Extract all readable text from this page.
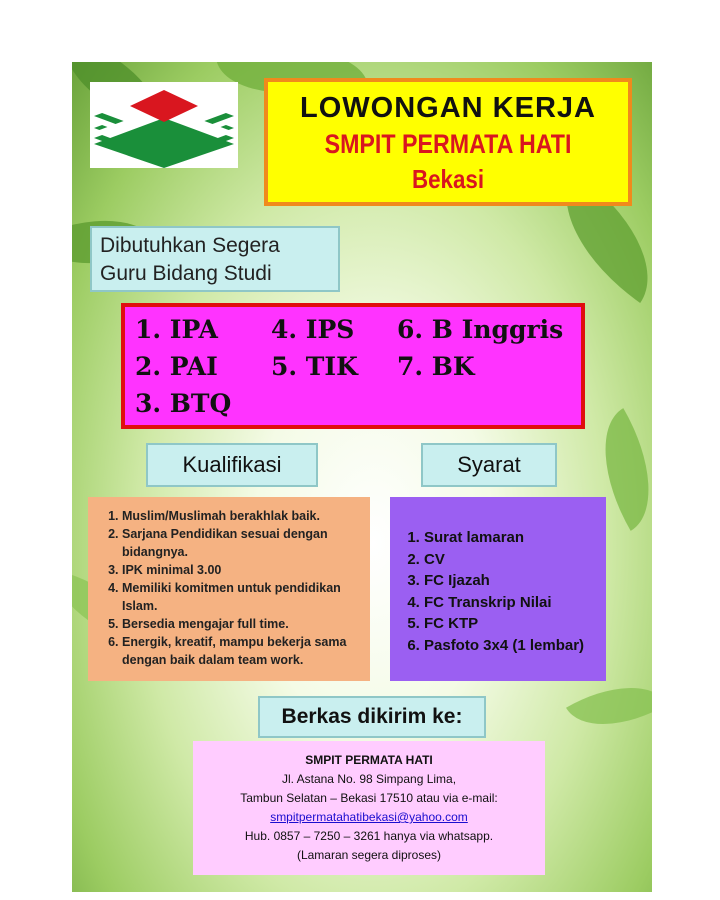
LOWONGAN KERJA
SMPIT PERMATA HATI
Bekasi
Dibutuhkan Segera
Guru Bidang Studi
1. IPA
2. PAI
3. BTQ
4. IPS
5. TIK
6. B Inggris
7. BK
Kualifikasi	Syarat
1. Muslim/Muslimah berakhlak baik.
2. Sarjana Pendidikan sesuai dengan bidangnya.
3. IPK minimal 3.00
4. Memiliki komitmen untuk pendidikan Islam.
5. Bersedia mengajar full time.
6. Energik, kreatif, mampu bekerja sama dengan baik dalam team work.
1. Surat lamaran
2. CV
3. FC Ijazah
4. FC Transkrip Nilai
5. FC KTP
6. Pasfoto 3x4 (1 lembar)
Berkas dikirim ke:
SMPIT PERMATA HATI
Jl. Astana No. 98 Simpang Lima,
Tambun Selatan – Bekasi 17510 atau via e-mail:
smpitpermatahatibekasi@yahoo.com
Hub. 0857 – 7250 – 3261 hanya via whatsapp.
(Lamaran segera diproses)
